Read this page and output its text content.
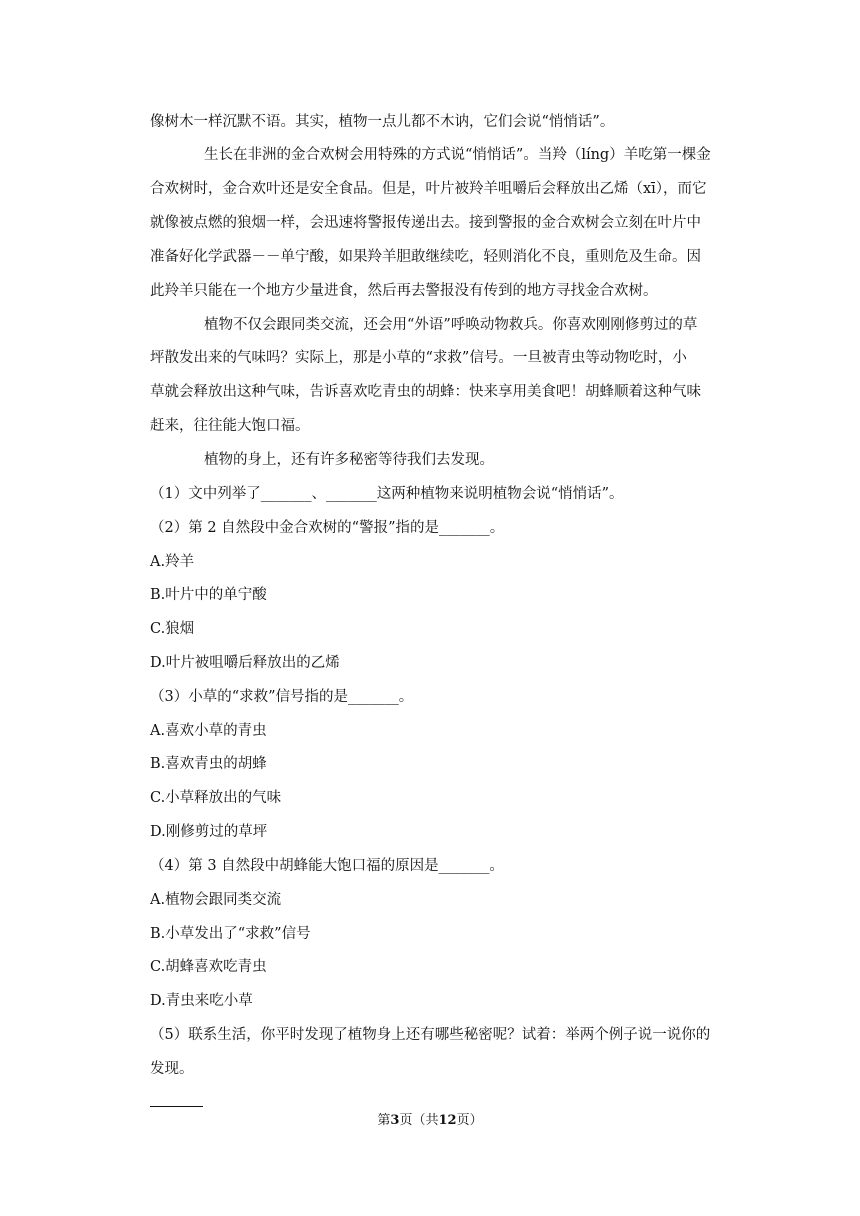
像树木一样沉默不语。其实，植物一点儿都不木讷，它们会说“悄悄话”。
生长在非洲的金合欢树会用特殊的方式说“悄悄话”。当羚（líng）羊吃第一棵金
合欢树时，金合欢叶还是安全食品。但是，叶片被羚羊咀嚼后会释放出乙烯（xī），而它
就像被点燃的狼烟一样，会迅速将警报传递出去。接到警报的金合欢树会立刻在叶片中
准备好化学武器－－单宁酸，如果羚羊胆敢继续吃，轻则消化不良，重则危及生命。因
此羚羊只能在一个地方少量进食，然后再去警报没有传到的地方寻找金合欢树。
植物不仅会跟同类交流，还会用“外语”呼唤动物救兵。你喜欢刚刚修剪过的草
坪散发出来的气味吗？实际上，那是小草的“求救”信号。一旦被青虫等动物吃时，小
草就会释放出这种气味，告诉喜欢吃青虫的胡蜂：快来享用美食吧！胡蜂顺着这种气味
赶来，往往能大饱口福。
植物的身上，还有许多秘密等待我们去发现。
（1）文中列举了_______、_______这两种植物来说明植物会说“悄悄话”。
（2）第 2 自然段中金合欢树的“警报”指的是_______。
A.羚羊
B.叶片中的单宁酸
C.狼烟
D.叶片被咀嚼后释放出的乙烯
（3）小草的“求救”信号指的是_______。
A.喜欢小草的青虫
B.喜欢青虫的胡蜂
C.小草释放出的气味
D.刚修剪过的草坪
（4）第 3 自然段中胡蜂能大饱口福的原因是_______。
A.植物会跟同类交流
B.小草发出了“求救”信号
C.胡蜂喜欢吃青虫
D.青虫来吃小草
（5）联系生活，你平时发现了植物身上还有哪些秘密呢？试着：举两个例子说一说你的
发现。
第3页（共12页）
